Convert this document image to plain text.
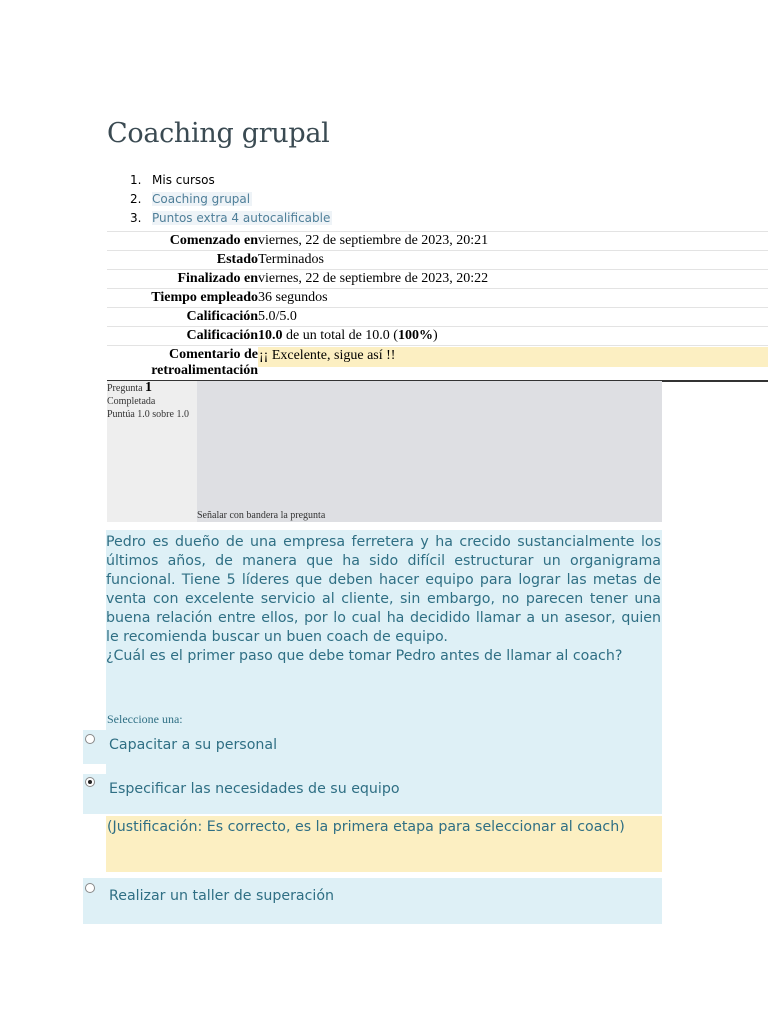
Coaching grupal
1. Mis cursos
2. Coaching grupal
3. Puntos extra 4 autocalificable
Comenzado en viernes, 22 de septiembre de 2023, 20:21
Estado Terminados
Finalizado en viernes, 22 de septiembre de 2023, 20:22
Tiempo empleado 36 segundos
Calificación 5.0/5.0
Calificación 10.0 de un total de 10.0 (100%)
Comentario de
retroalimentación
¡¡ Excelente, sigue así !!
Pregunta 1
Completada
Puntúa 1.0 sobre 1.0
Señalar con bandera la pregunta

Pedro es dueño de una empresa ferretera y ha crecido sustancialmente los últimos años, de manera que ha sido difícil estructurar un organigrama funcional. Tiene 5 líderes que deben hacer equipo para lograr las metas de venta con excelente servicio al cliente, sin embargo, no parecen tener una buena relación entre ellos, por lo cual ha decidido llamar a un asesor, quien le recomienda buscar un buen coach de equipo.

¿Cuál es el primer paso que debe tomar Pedro antes de llamar al coach?

Seleccione una:
Capacitar a su personal
Especificar las necesidades de su equipo
(Justificación: Es correcto, es la primera etapa para seleccionar al coach)
Realizar un taller de superación
